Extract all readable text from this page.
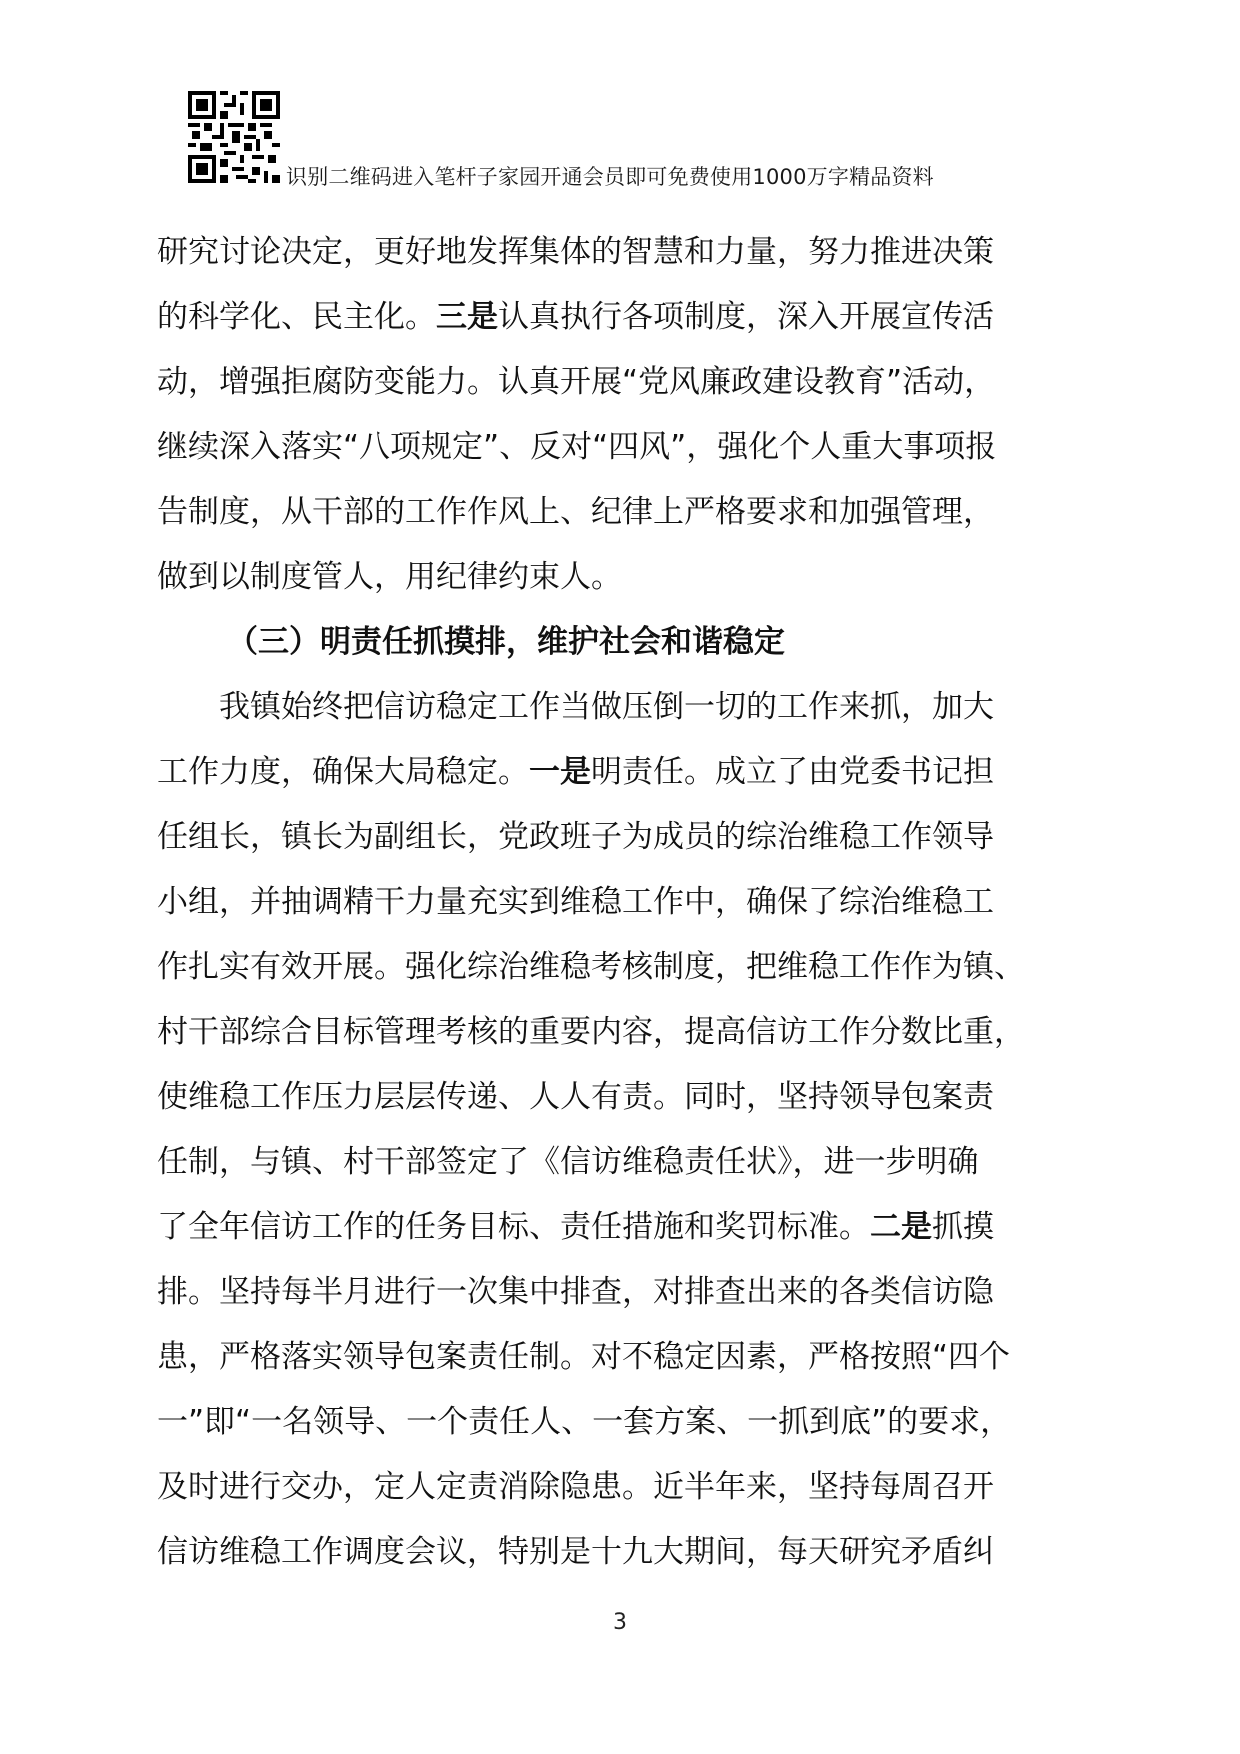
识别二维码进入笔杆子家园开通会员即可免费使用1000万字精品资料
研究讨论决定，更好地发挥集体的智慧和力量，努力推进决策
的科学化、民主化。三是认真执行各项制度，深入开展宣传活
动，增强拒腐防变能力。认真开展“党风廉政建设教育”活动，
继续深入落实“八项规定”、反对“四风”，强化个人重大事项报
告制度，从干部的工作作风上、纪律上严格要求和加强管理，
做到以制度管人，用纪律约束人。
（三）明责任抓摸排，维护社会和谐稳定
我镇始终把信访稳定工作当做压倒一切的工作来抓，加大
工作力度，确保大局稳定。一是明责任。成立了由党委书记担
任组长，镇长为副组长，党政班子为成员的综治维稳工作领导
小组，并抽调精干力量充实到维稳工作中，确保了综治维稳工
作扎实有效开展。强化综治维稳考核制度，把维稳工作作为镇、
村干部综合目标管理考核的重要内容，提高信访工作分数比重，
使维稳工作压力层层传递、人人有责。同时，坚持领导包案责
任制，与镇、村干部签定了《信访维稳责任状》，进一步明确
了全年信访工作的任务目标、责任措施和奖罚标准。二是抓摸
排。坚持每半月进行一次集中排查，对排查出来的各类信访隐
患，严格落实领导包案责任制。对不稳定因素，严格按照“四个
一”即“一名领导、一个责任人、一套方案、一抓到底”的要求，
及时进行交办，定人定责消除隐患。近半年来，坚持每周召开
信访维稳工作调度会议，特别是十九大期间，每天研究矛盾纠
3
